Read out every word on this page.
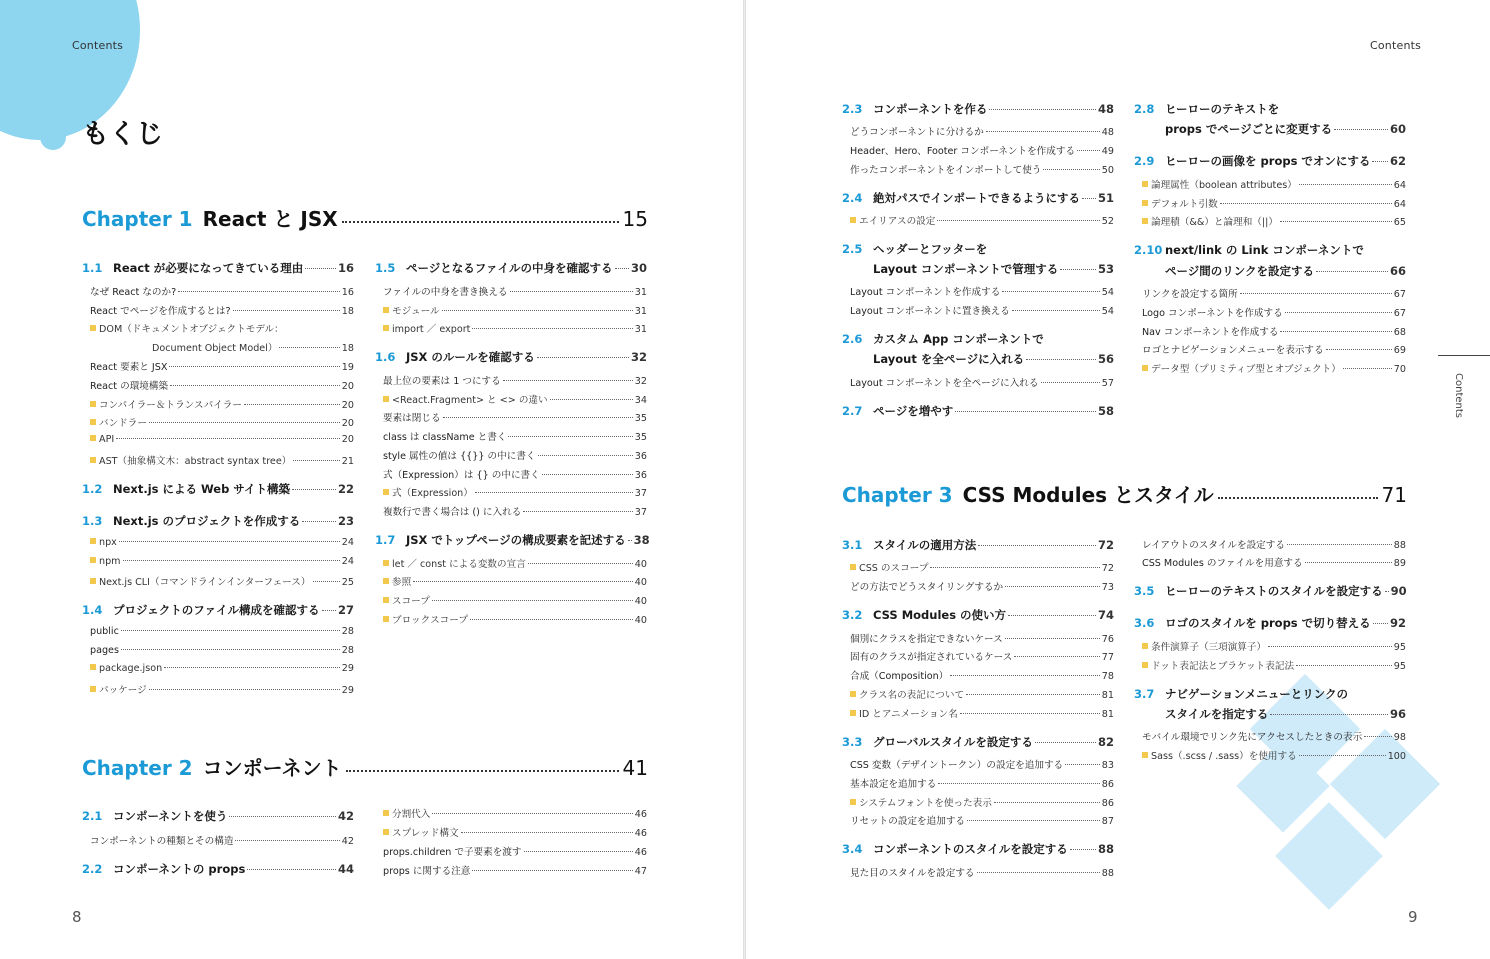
Contents
もくじ
Chapter 1 React と JSX	15
1.1 React が必要になってきている理由	16
なぜ React なのか?	16
React でページを作成するとは?	18
DOM（ドキュメントオブジェクトモデル：
Document Object Model）	18
React 要素と JSX	19
React の環境構築	20
コンパイラー＆トランスパイラー	20
バンドラー	20
API	20
AST（抽象構文木：abstract syntax tree）	21
1.2 Next.js による Web サイト構築	22
1.3 Next.js のプロジェクトを作成する	23
npx	24
npm	24
Next.js CLI（コマンドラインインターフェース）	25
1.4 プロジェクトのファイル構成を確認する 27
public	28
pages	28
package.json	29
パッケージ	29
1.5 ページとなるファイルの中身を確認する 30
ファイルの中身を書き換える	31
モジュール	31
import ／ export	31
1.6 JSX のルールを確認する	32
最上位の要素は 1 つにする	32
<React.Fragment> と <> の違い	34
要素は閉じる	35
class は className と書く	35
style 属性の値は {{}} の中に書く	36
式（Expression）は {} の中に書く	36
式（Expression）	37
複数行で書く場合は () に入れる	37
1.7 JSX でトップページの構成要素を記述する 38
let ／ const による変数の宣言	40
参照	40
スコープ	40
ブロックスコープ	40
Chapter 2 コンポーネント	41
2.1 コンポーネントを使う	42
コンポーネントの種類とその構造	42
2.2 コンポーネントの props	44
分割代入	46
スプレッド構文	46
props.children で子要素を渡す	46
props に関する注意	47
8
Contents
Contents
2.3 コンポーネントを作る	48
どうコンポーネントに分けるか	48
Header、Hero、Footer コンポーネントを作成する	49
作ったコンポーネントをインポートして使う	50
2.4 絶対パスでインポートできるようにする 51
エイリアスの設定	52
2.5 ヘッダーとフッターを
Layout コンポーネントで管理する	53
Layout コンポーネントを作成する	54
Layout コンポーネントに置き換える	54
2.6 カスタム App コンポーネントで
Layout を全ページに入れる	56
Layout コンポーネントを全ページに入れる	57
2.7 ページを増やす	58
2.8 ヒーローのテキストを
props でページごとに変更する	60
2.9 ヒーローの画像を props でオンにする 62
論理属性（boolean attributes）	64
デフォルト引数	64
論理積（&&）と論理和（||）	65
2.10 next/link の Link コンポーネントで
ページ間のリンクを設定する	66
リンクを設定する箇所	67
Logo コンポーネントを作成する	67
Nav コンポーネントを作成する	68
ロゴとナビゲーションメニューを表示する	69
データ型（プリミティブ型とオブジェクト）	70
Chapter 3 CSS Modules とスタイル	71
3.1 スタイルの適用方法	72
CSS のスコープ	72
どの方法でどうスタイリングするか	73
3.2 CSS Modules の使い方	74
個別にクラスを指定できないケース	76
固有のクラスが指定されているケース	77
合成（Composition）	78
クラス名の表記について	81
ID とアニメーション名	81
3.3 グローバルスタイルを設定する	82
CSS 変数（デザイントークン）の設定を追加する	83
基本設定を追加する	86
システムフォントを使った表示	86
リセットの設定を追加する	87
3.4 コンポーネントのスタイルを設定する	88
見た目のスタイルを設定する	88
レイアウトのスタイルを設定する	88
CSS Modules のファイルを用意する	89
3.5 ヒーローのテキストのスタイルを設定する 90
3.6 ロゴのスタイルを props で切り替える 92
条件演算子（三項演算子）	95
ドット表記法とブラケット表記法	95
3.7 ナビゲーションメニューとリンクの
スタイルを指定する	96
モバイル環境でリンク先にアクセスしたときの表示	98
Sass（.scss / .sass）を使用する	100
9
